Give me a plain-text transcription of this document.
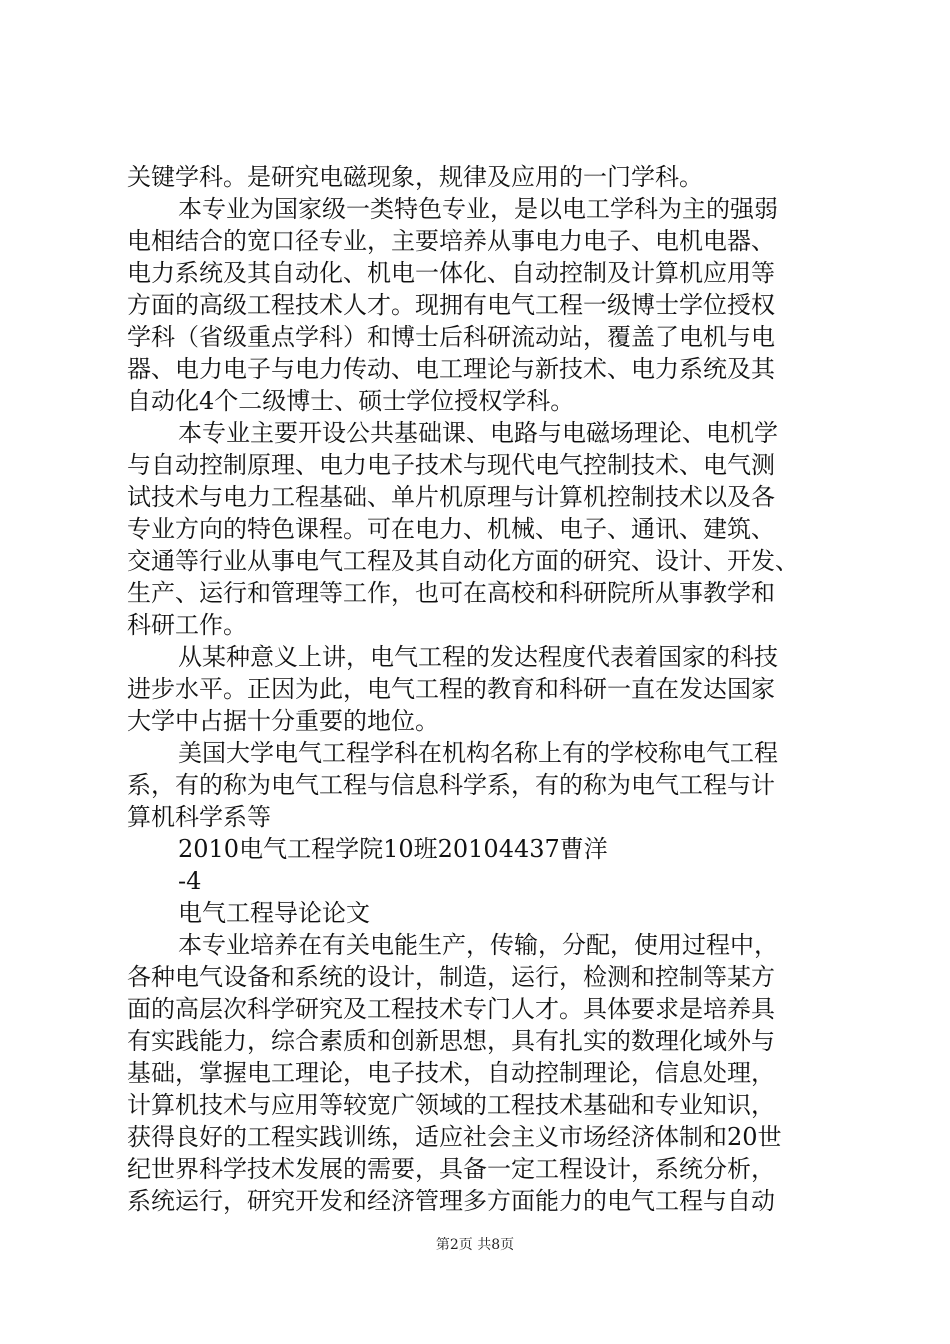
关键学科。是研究电磁现象，规律及应用的一门学科。
本专业为国家级一类特色专业，是以电工学科为主的强弱
电相结合的宽口径专业，主要培养从事电力电子、电机电器、
电力系统及其自动化、机电一体化、自动控制及计算机应用等
方面的高级工程技术人才。现拥有电气工程一级博士学位授权
学科（省级重点学科）和博士后科研流动站，覆盖了电机与电
器、电力电子与电力传动、电工理论与新技术、电力系统及其
自动化4个二级博士、硕士学位授权学科。
本专业主要开设公共基础课、电路与电磁场理论、电机学
与自动控制原理、电力电子技术与现代电气控制技术、电气测
试技术与电力工程基础、单片机原理与计算机控制技术以及各
专业方向的特色课程。可在电力、机械、电子、通讯、建筑、
交通等行业从事电气工程及其自动化方面的研究、设计、开发、
生产、运行和管理等工作，也可在高校和科研院所从事教学和
科研工作。
从某种意义上讲，电气工程的发达程度代表着国家的科技
进步水平。正因为此，电气工程的教育和科研一直在发达国家
大学中占据十分重要的地位。
美国大学电气工程学科在机构名称上有的学校称电气工程
系，有的称为电气工程与信息科学系，有的称为电气工程与计
算机科学系等
2010电气工程学院10班20104437曹洋
-4
电气工程导论论文
本专业培养在有关电能生产，传输，分配，使用过程中，
各种电气设备和系统的设计，制造，运行，检测和控制等某方
面的高层次科学研究及工程技术专门人才。具体要求是培养具
有实践能力，综合素质和创新思想，具有扎实的数理化域外与
基础，掌握电工理论，电子技术，自动控制理论，信息处理，
计算机技术与应用等较宽广领域的工程技术基础和专业知识，
获得良好的工程实践训练，适应社会主义市场经济体制和20世
纪世界科学技术发展的需要，具备一定工程设计，系统分析，
系统运行，研究开发和经济管理多方面能力的电气工程与自动
第2页 共8页
